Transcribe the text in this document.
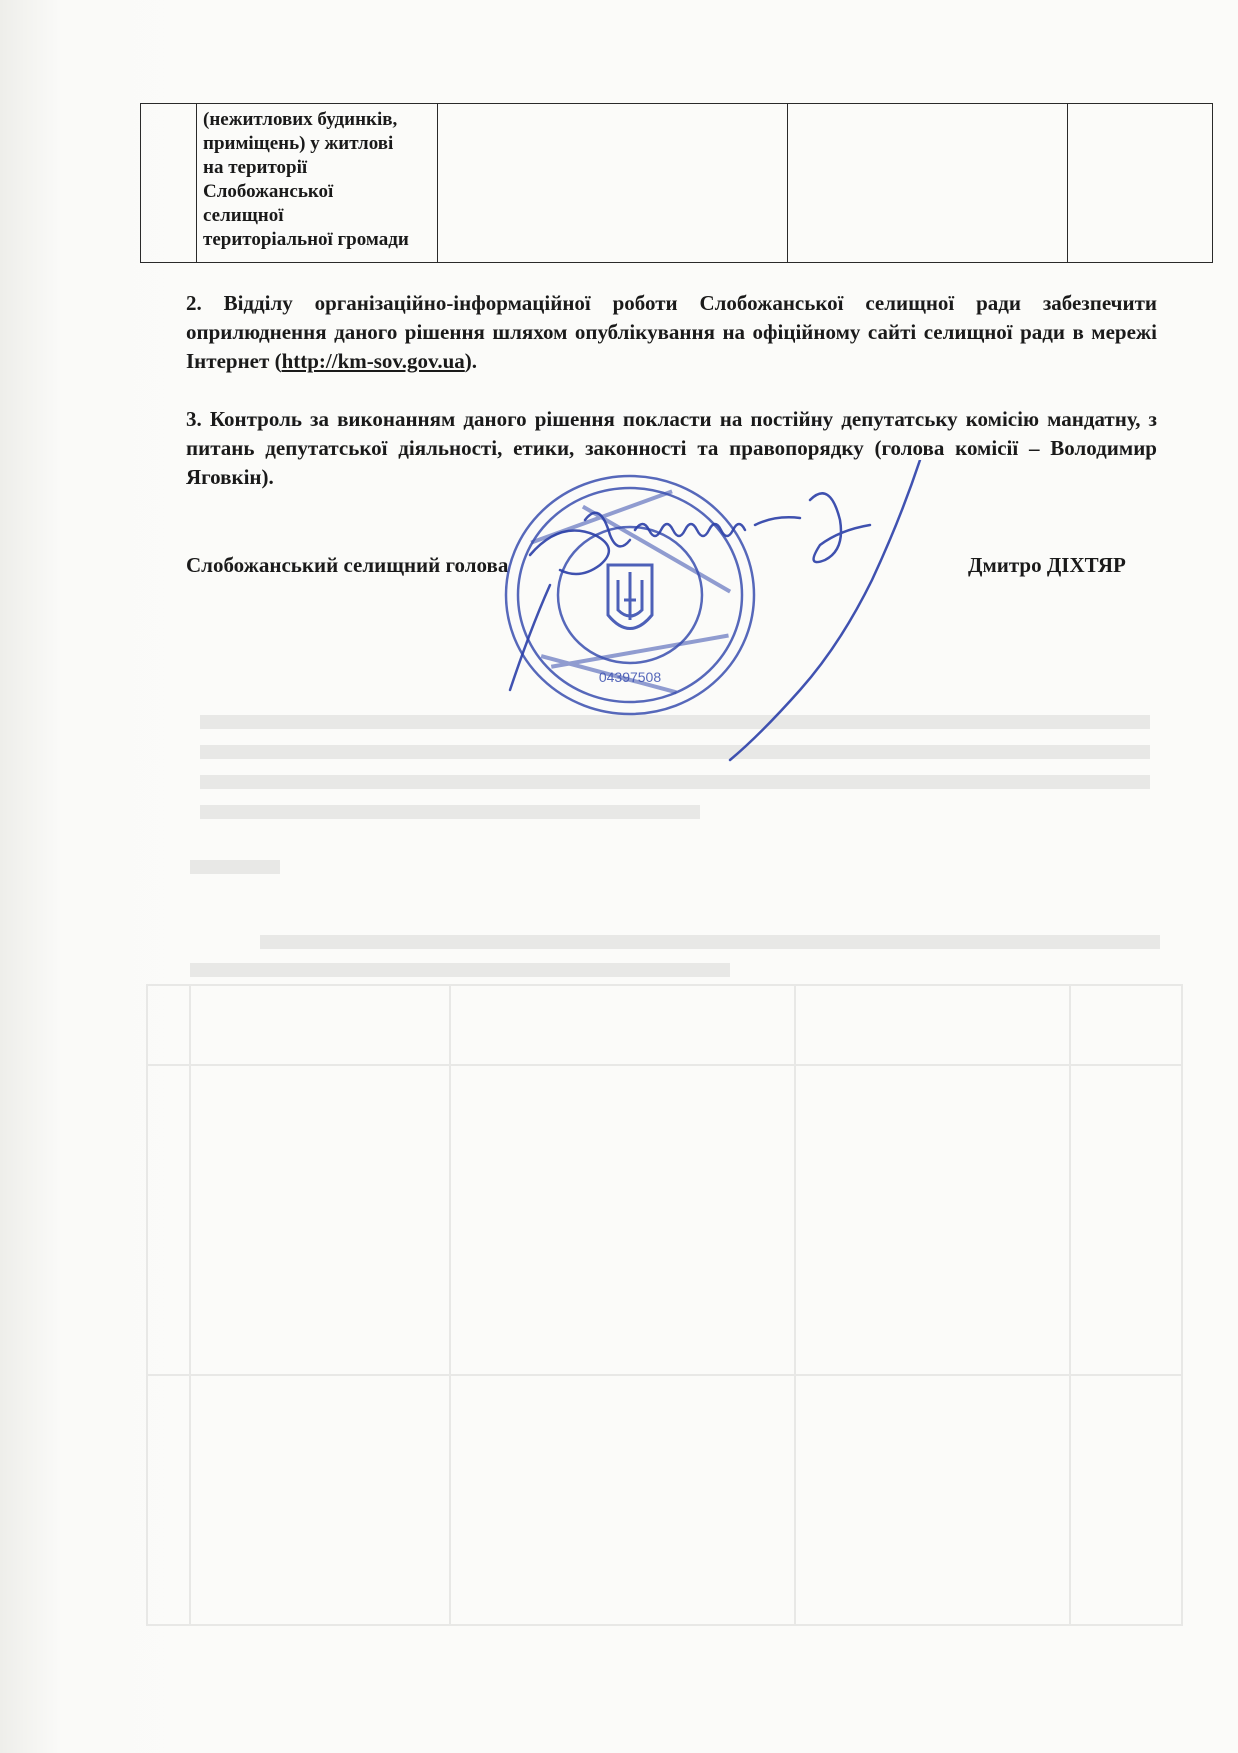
(нежитлових будинків,
приміщень) у житлові
на території
Слобожанської
селищної
територіальної громади

2. Відділу організаційно-інформаційної роботи Слобожанської селищної ради забезпечити оприлюднення даного рішення шляхом опублікування на офіційному сайті селищної ради в мережі Інтернет (http://km-sov.gov.ua).

3. Контроль за виконанням даного рішення покласти на постійну депутатську комісію мандатну, з питань депутатської діяльності, етики, законності та правопорядку (голова комісії – Володимир Яговкін).

Слобожанський селищний голова	Дмитро ДІХТЯР
04397508
